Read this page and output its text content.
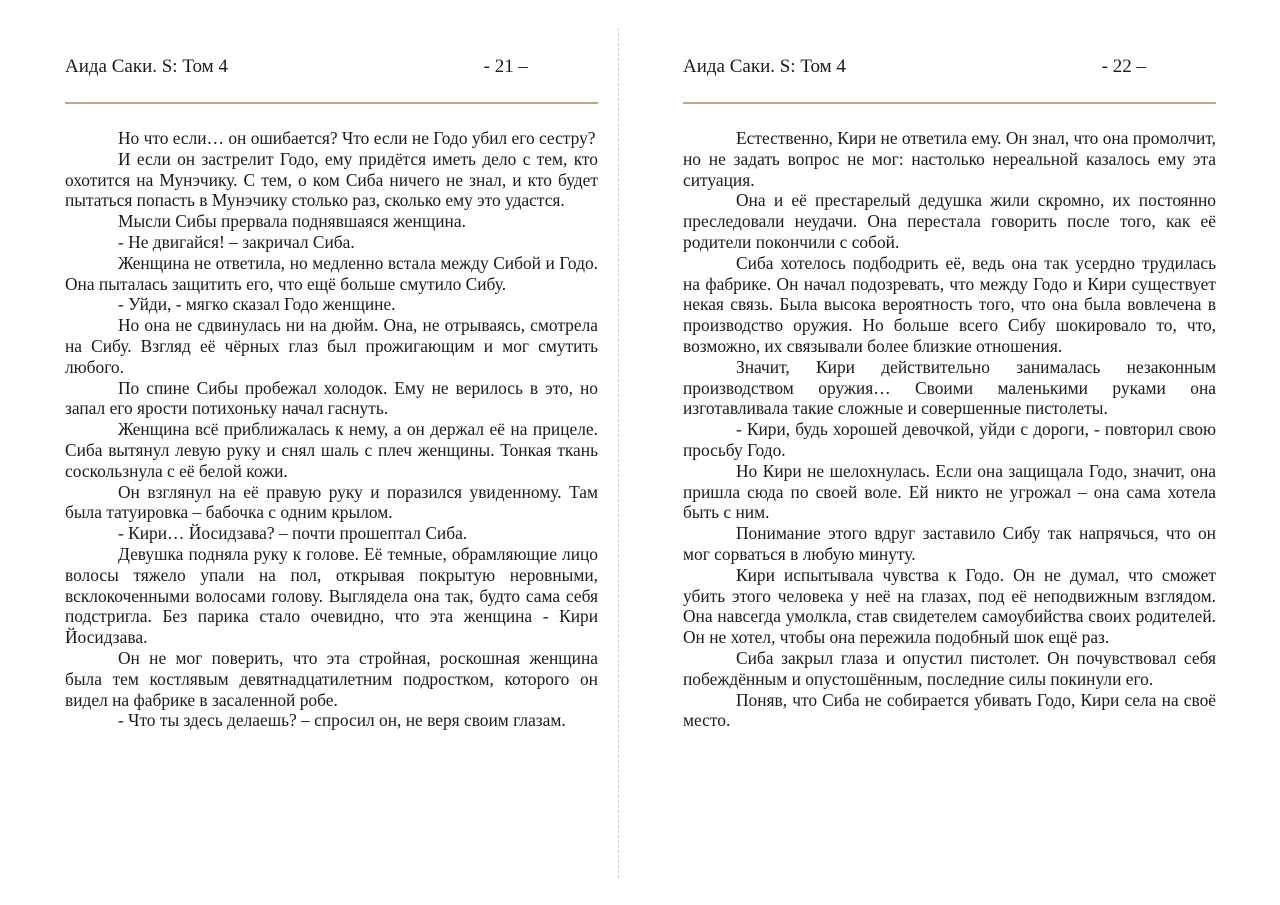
Аида Саки. S: Том 4	- 21 –

Но что если… он ошибается? Что если не Годо убил его сестру?

И если он застрелит Годо, ему придётся иметь дело с тем, кто охотится на Мунэчику. С тем, о ком Сиба ничего не знал, и кто будет пытаться попасть в Мунэчику столько раз, сколько ему это удастся.

Мысли Сибы прервала поднявшаяся женщина.

- Не двигайся! – закричал Сиба.

Женщина не ответила, но медленно встала между Сибой и Годо. Она пыталась защитить его, что ещё больше смутило Сибу.

- Уйди, - мягко сказал Годо женщине.

Но она не сдвинулась ни на дюйм. Она, не отрываясь, смотрела на Сибу. Взгляд её чёрных глаз был прожигающим и мог смутить любого.

По спине Сибы пробежал холодок. Ему не верилось в это, но запал его ярости потихоньку начал гаснуть.

Женщина всё приближалась к нему, а он держал её на прицеле. Сиба вытянул левую руку и снял шаль с плеч женщины. Тонкая ткань соскользнула с её белой кожи.

Он взглянул на её правую руку и поразился увиденному. Там была татуировка – бабочка с одним крылом.

- Кири… Йосидзава? – почти прошептал Сиба.

Девушка подняла руку к голове. Её темные, обрамляющие лицо волосы тяжело упали на пол, открывая покрытую неровными, всклокоченными волосами голову. Выглядела она так, будто сама себя подстригла. Без парика стало очевидно, что эта женщина - Кири Йосидзава.

Он не мог поверить, что эта стройная, роскошная женщина была тем костлявым девятнадцатилетним подростком, которого он видел на фабрике в засаленной робе.

- Что ты здесь делаешь? – спросил он, не веря своим глазам.

Аида Саки. S: Том 4	- 22 –

Естественно, Кири не ответила ему. Он знал, что она промолчит, но не задать вопрос не мог: настолько нереальной казалось ему эта ситуация.

Она и её престарелый дедушка жили скромно, их постоянно преследовали неудачи. Она перестала говорить после того, как её родители покончили с собой.

Сиба хотелось подбодрить её, ведь она так усердно трудилась на фабрике. Он начал подозревать, что между Годо и Кири существует некая связь. Была высока вероятность того, что она была вовлечена в производство оружия. Но больше всего Сибу шокировало то, что, возможно, их связывали более близкие отношения.

Значит, Кири действительно занималась незаконным производством оружия… Своими маленькими руками она изготавливала такие сложные и совершенные пистолеты.

- Кири, будь хорошей девочкой, уйди с дороги, - повторил свою просьбу Годо.

Но Кири не шелохнулась. Если она защищала Годо, значит, она пришла сюда по своей воле. Ей никто не угрожал – она сама хотела быть с ним.

Понимание этого вдруг заставило Сибу так напрячься, что он мог сорваться в любую минуту.

Кири испытывала чувства к Годо. Он не думал, что сможет убить этого человека у неё на глазах, под её неподвижным взглядом. Она навсегда умолкла, став свидетелем самоубийства своих родителей. Он не хотел, чтобы она пережила подобный шок ещё раз.

Сиба закрыл глаза и опустил пистолет. Он почувствовал себя побеждённым и опустошённым, последние силы покинули его.

Поняв, что Сиба не собирается убивать Годо, Кири села на своё место.
